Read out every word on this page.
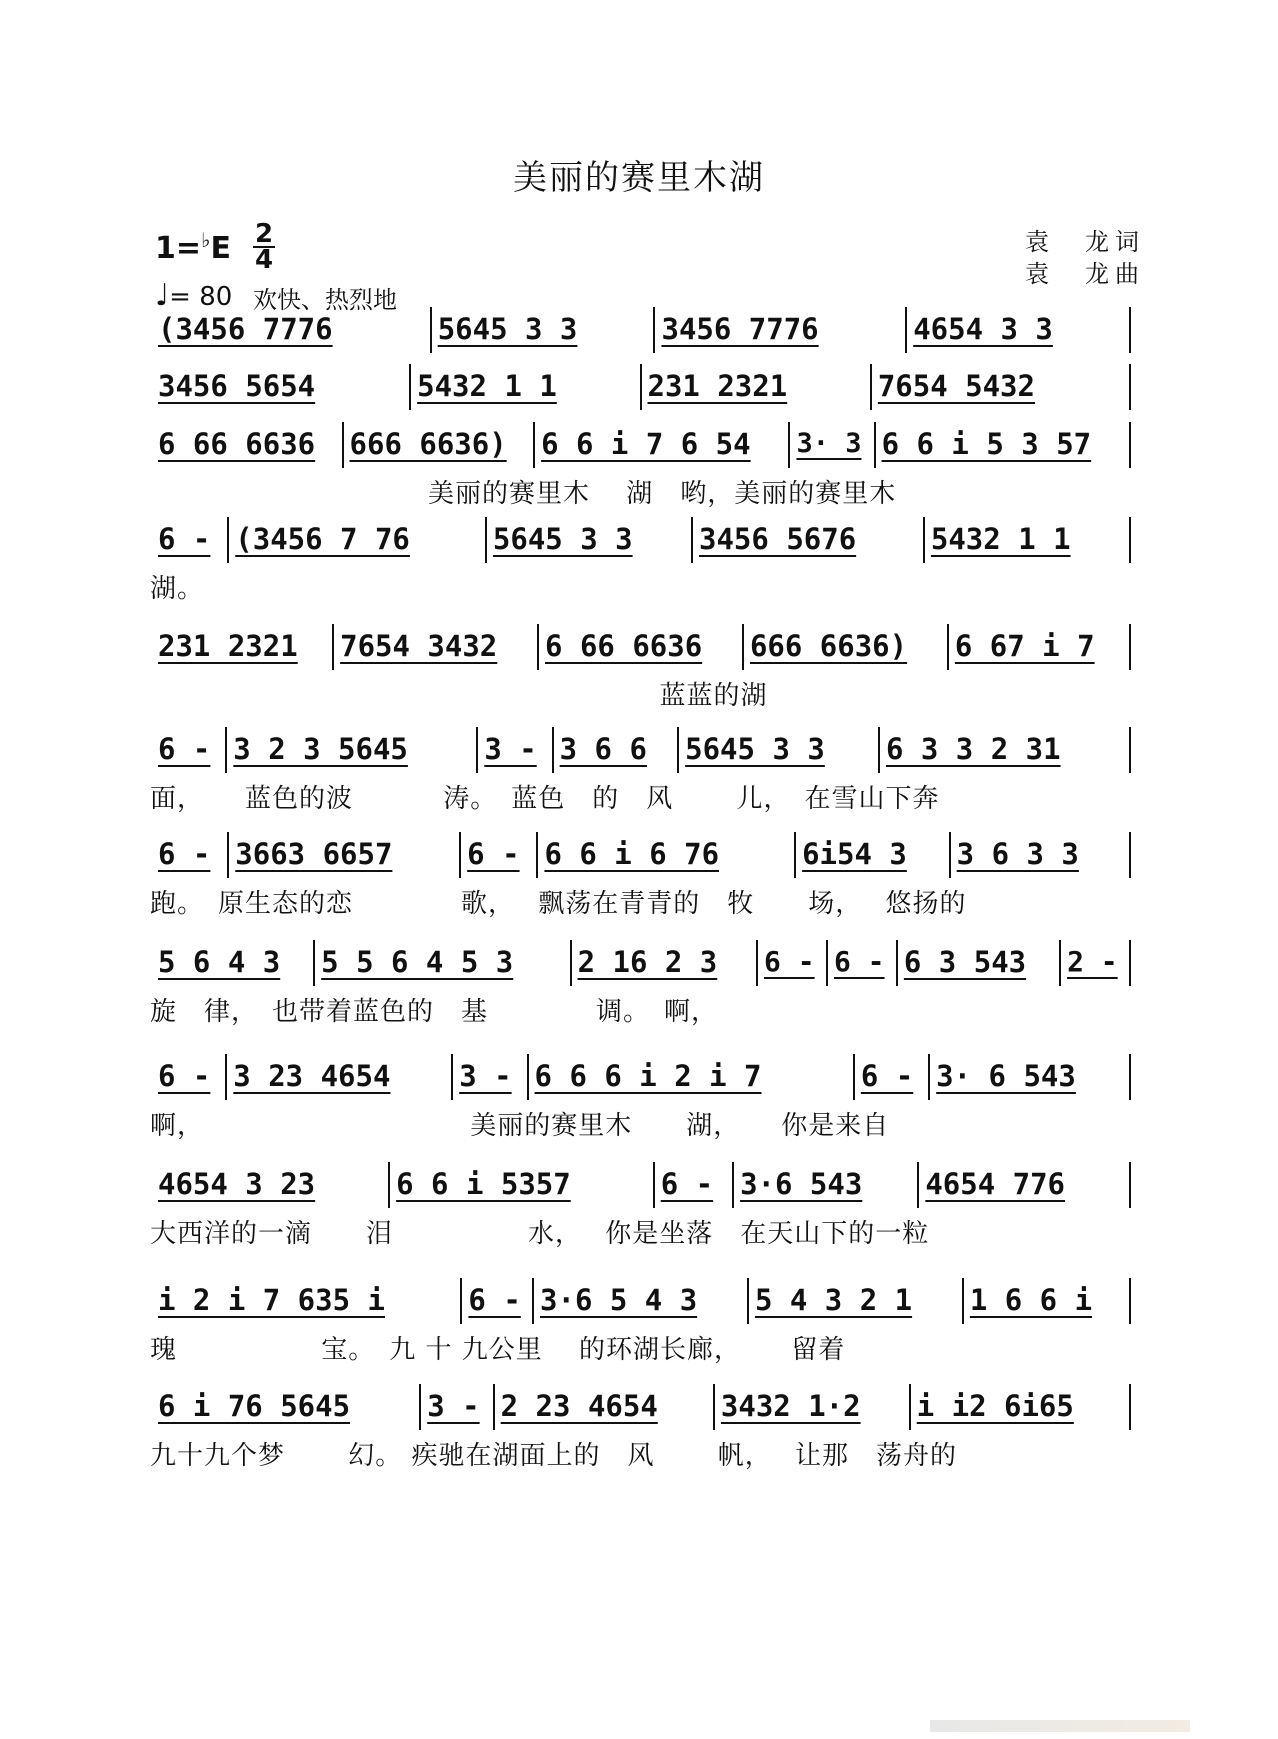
美丽的赛里木湖
1=♭E 2
4
♩= 80 欢快、热烈地
袁　龙词
袁　龙曲
(3456 7776	5645 3 3	3456 7776	4654 3 3
3456 5654	5432 1 1	231 2321	7654 5432
6 66 6636	666 6636)	6 6 i 7 6 54	3· 3 6 6 i 5 3 57
美丽的赛里木　 湖　哟，美丽的赛里木
6 - (3456 7 76	5645 3 3	3456 5676	5432 1 1
湖。
231 2321	7654 3432	6 66 6636	666 6636)	6 67 i 7
蓝蓝的湖
6 - 3 2 3 5645	3 - 3 6 6	5645 3 3	6 3 3 2 31
面，　　蓝色的波　　　 涛。　蓝色　的　风　　 儿，　在雪山下奔
6 - 3663 6657	6 - 6 6 i 6 76	6i54 3	3 6 3 3
跑。　原生态的恋　　　　歌，　 飘荡在青青的　牧　　场，　 悠扬的
5 6 4 3	5 5 6 4 5 3	2 16 2 3	6 - 6 - 6 3 543	2 -
旋　律，　也带着蓝色的　基　　　　调。　啊，
6 - 3 23 4654	3 - 6 6 6 i 2 i 7	6 - 3· 6 543
啊，　　　　　　　　　　 美丽的赛里木　　湖，　　你是来自
4654 3 23	6 6 i 5357	6 - 3·6 543	4654 776
大西洋的一滴　　泪　　　　　水，　 你是坐落　在天山下的一粒
i 2 i 7 635 i	6 - 3·6 5 4 3	5 4 3 2 1	1 6 6 i
瑰　　　　　 宝。　九 十 九公里　 的环湖长廊，　　 留着
6 i 76 5645	3 - 2 23 4654	3432 1·2	i i2 6i65
九十九个梦　　 幻。 疾驰在湖面上的　风　　 帆，　 让那　荡舟的
